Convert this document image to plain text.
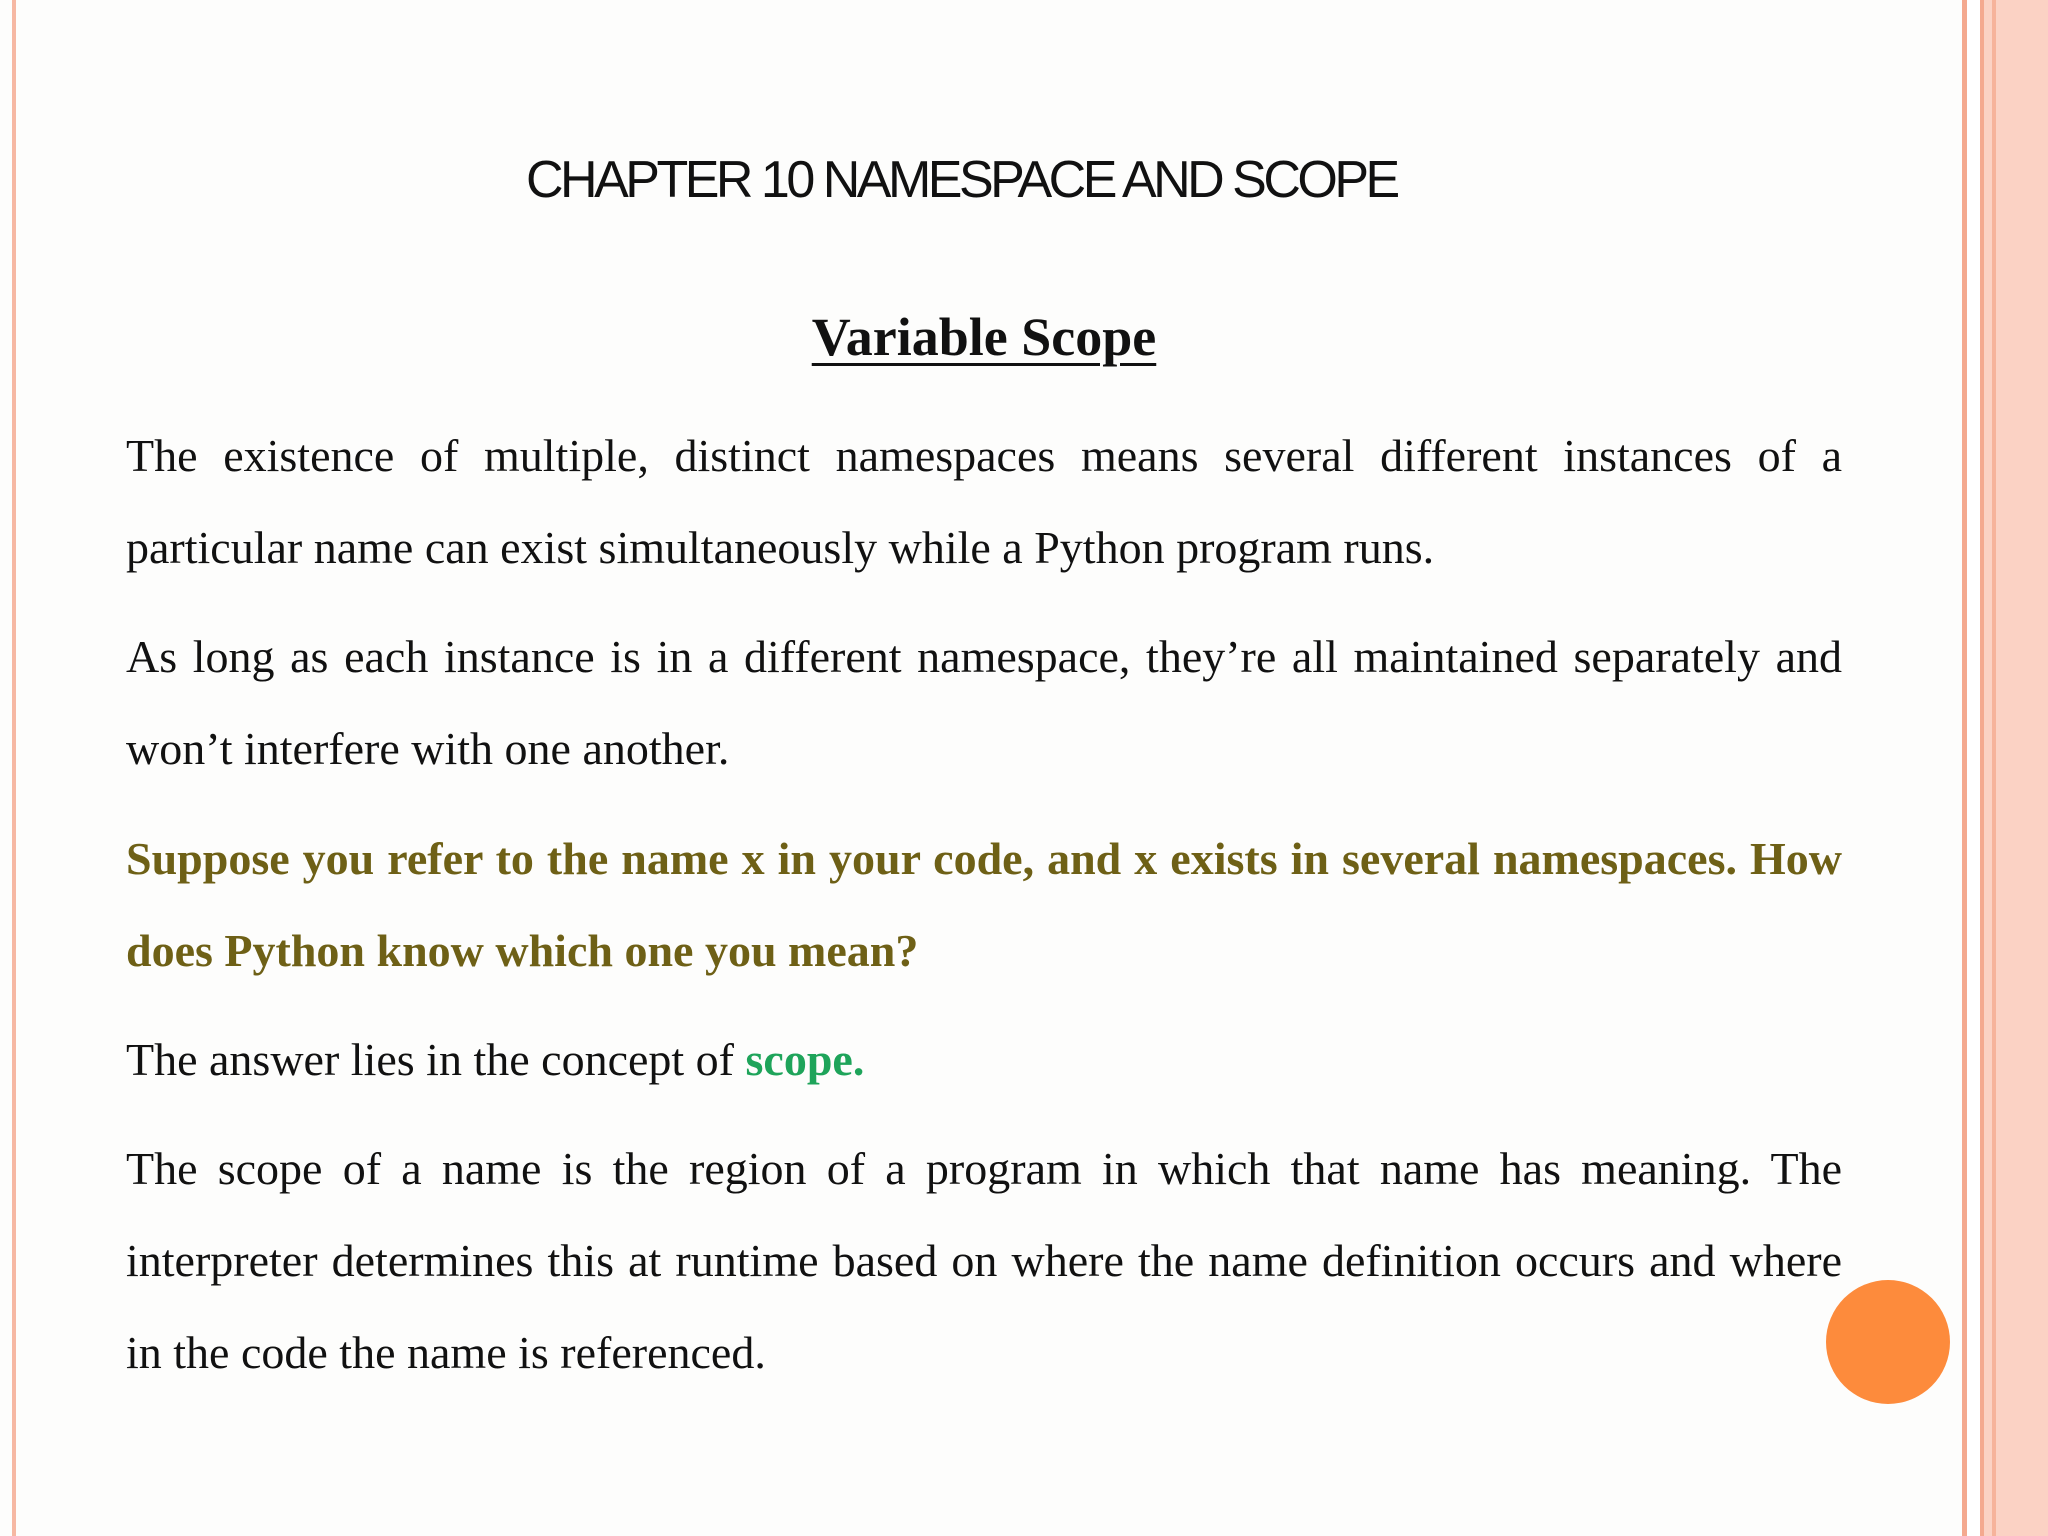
CHAPTER 10 NAMESPACE AND SCOPE
Variable Scope
The existence of multiple, distinct namespaces means several different instances of a particular name can exist simultaneously while a Python program runs.
As long as each instance is in a different namespace, they’re all maintained separately and won’t interfere with one another.
Suppose you refer to the name x in your code, and x exists in several namespaces. How does Python know which one you mean?
The answer lies in the concept of scope.
The scope of a name is the region of a program in which that name has meaning. The interpreter determines this at runtime based on where the name definition occurs and where in the code the name is referenced.
